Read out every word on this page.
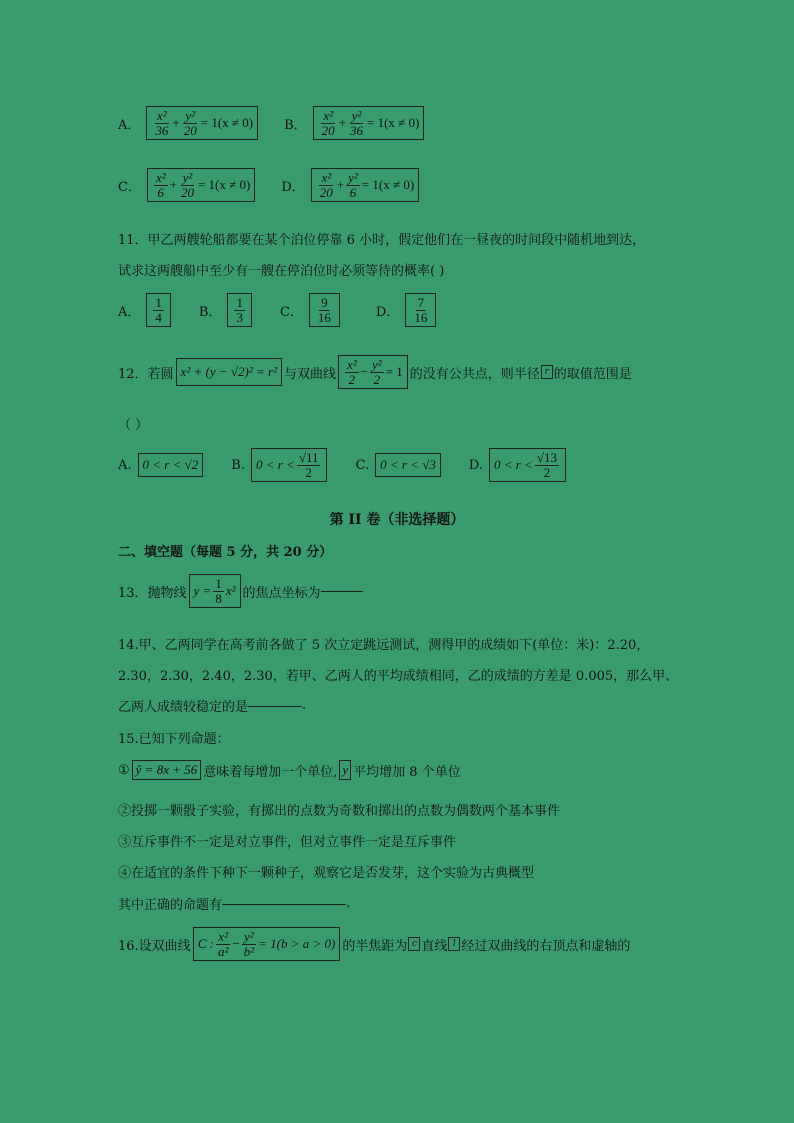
A． $\frac{\text{x²}}{36} + \frac{\text{y²}}{20} = 1(x \ne 0)$ B． $\frac{\text{x²}}{20} + \frac{\text{y²}}{36} = 1(x \ne 0)$
C． $\frac{\text{x²}}{6} + \frac{\text{y²}}{20} = 1(x \ne 0)$ D． $\frac{\text{x²}}{20} + \frac{\text{y²}}{6} = 1(x \ne 0)$
11．甲乙两艘轮船都要在某个泊位停靠 6 小时，假定他们在一昼夜的时间段中随机地到达，
试求这两艘船中至少有一艘在停泊位时必须等待的概率( )
A． $\frac{1}{4}$	B． $\frac{1}{3}$	C． $\frac{9}{16}$	D． $\frac{7}{16}$
12．若圆 x² + (y − √2)² = r² 与双曲线 $\frac{\text{x²}}{2} - \frac{\text{y²}}{2} = 1$ 的没有公共点，则半径 r 的取值范围是
（ ）
A. 0 < r < √2	B. $0 < r < \frac{√11}{2}$	C. 0 < r < √3	D. $0 < r < \frac{√13}{2}$
第 II 卷（非选择题）
二、填空题（每题 5 分，共 20 分）
13．抛物线 $y = \frac{1}{8} x^2$ 的焦点坐标为
14.甲、乙两同学在高考前各做了 5 次立定跳远测试，测得甲的成绩如下(单位：米)：2.20，
2.30，2.30，2.40，2.30，若甲、乙两人的平均成绩相同，乙的成绩的方差是 0.005，那么甲、
乙两人成绩较稳定的是	.
15.已知下列命题：
① ŷ = 8x + 56 意味着每增加一个单位, y 平均增加 8 个单位
②投掷一颗骰子实验，有掷出的点数为奇数和掷出的点数为偶数两个基本事件
③互斥事件不一定是对立事件，但对立事件一定是互斥事件
④在适宜的条件下种下一颗种子，观察它是否发芽，这个实验为古典概型
其中正确的命题有	.
16.设双曲线 C : $\frac{\text{x²}}{\text{a²}} - \frac{\text{y²}}{\text{b²}} = 1(b > a > 0)$ 的半焦距为 c 直线 l 经过双曲线的右顶点和虚轴的
